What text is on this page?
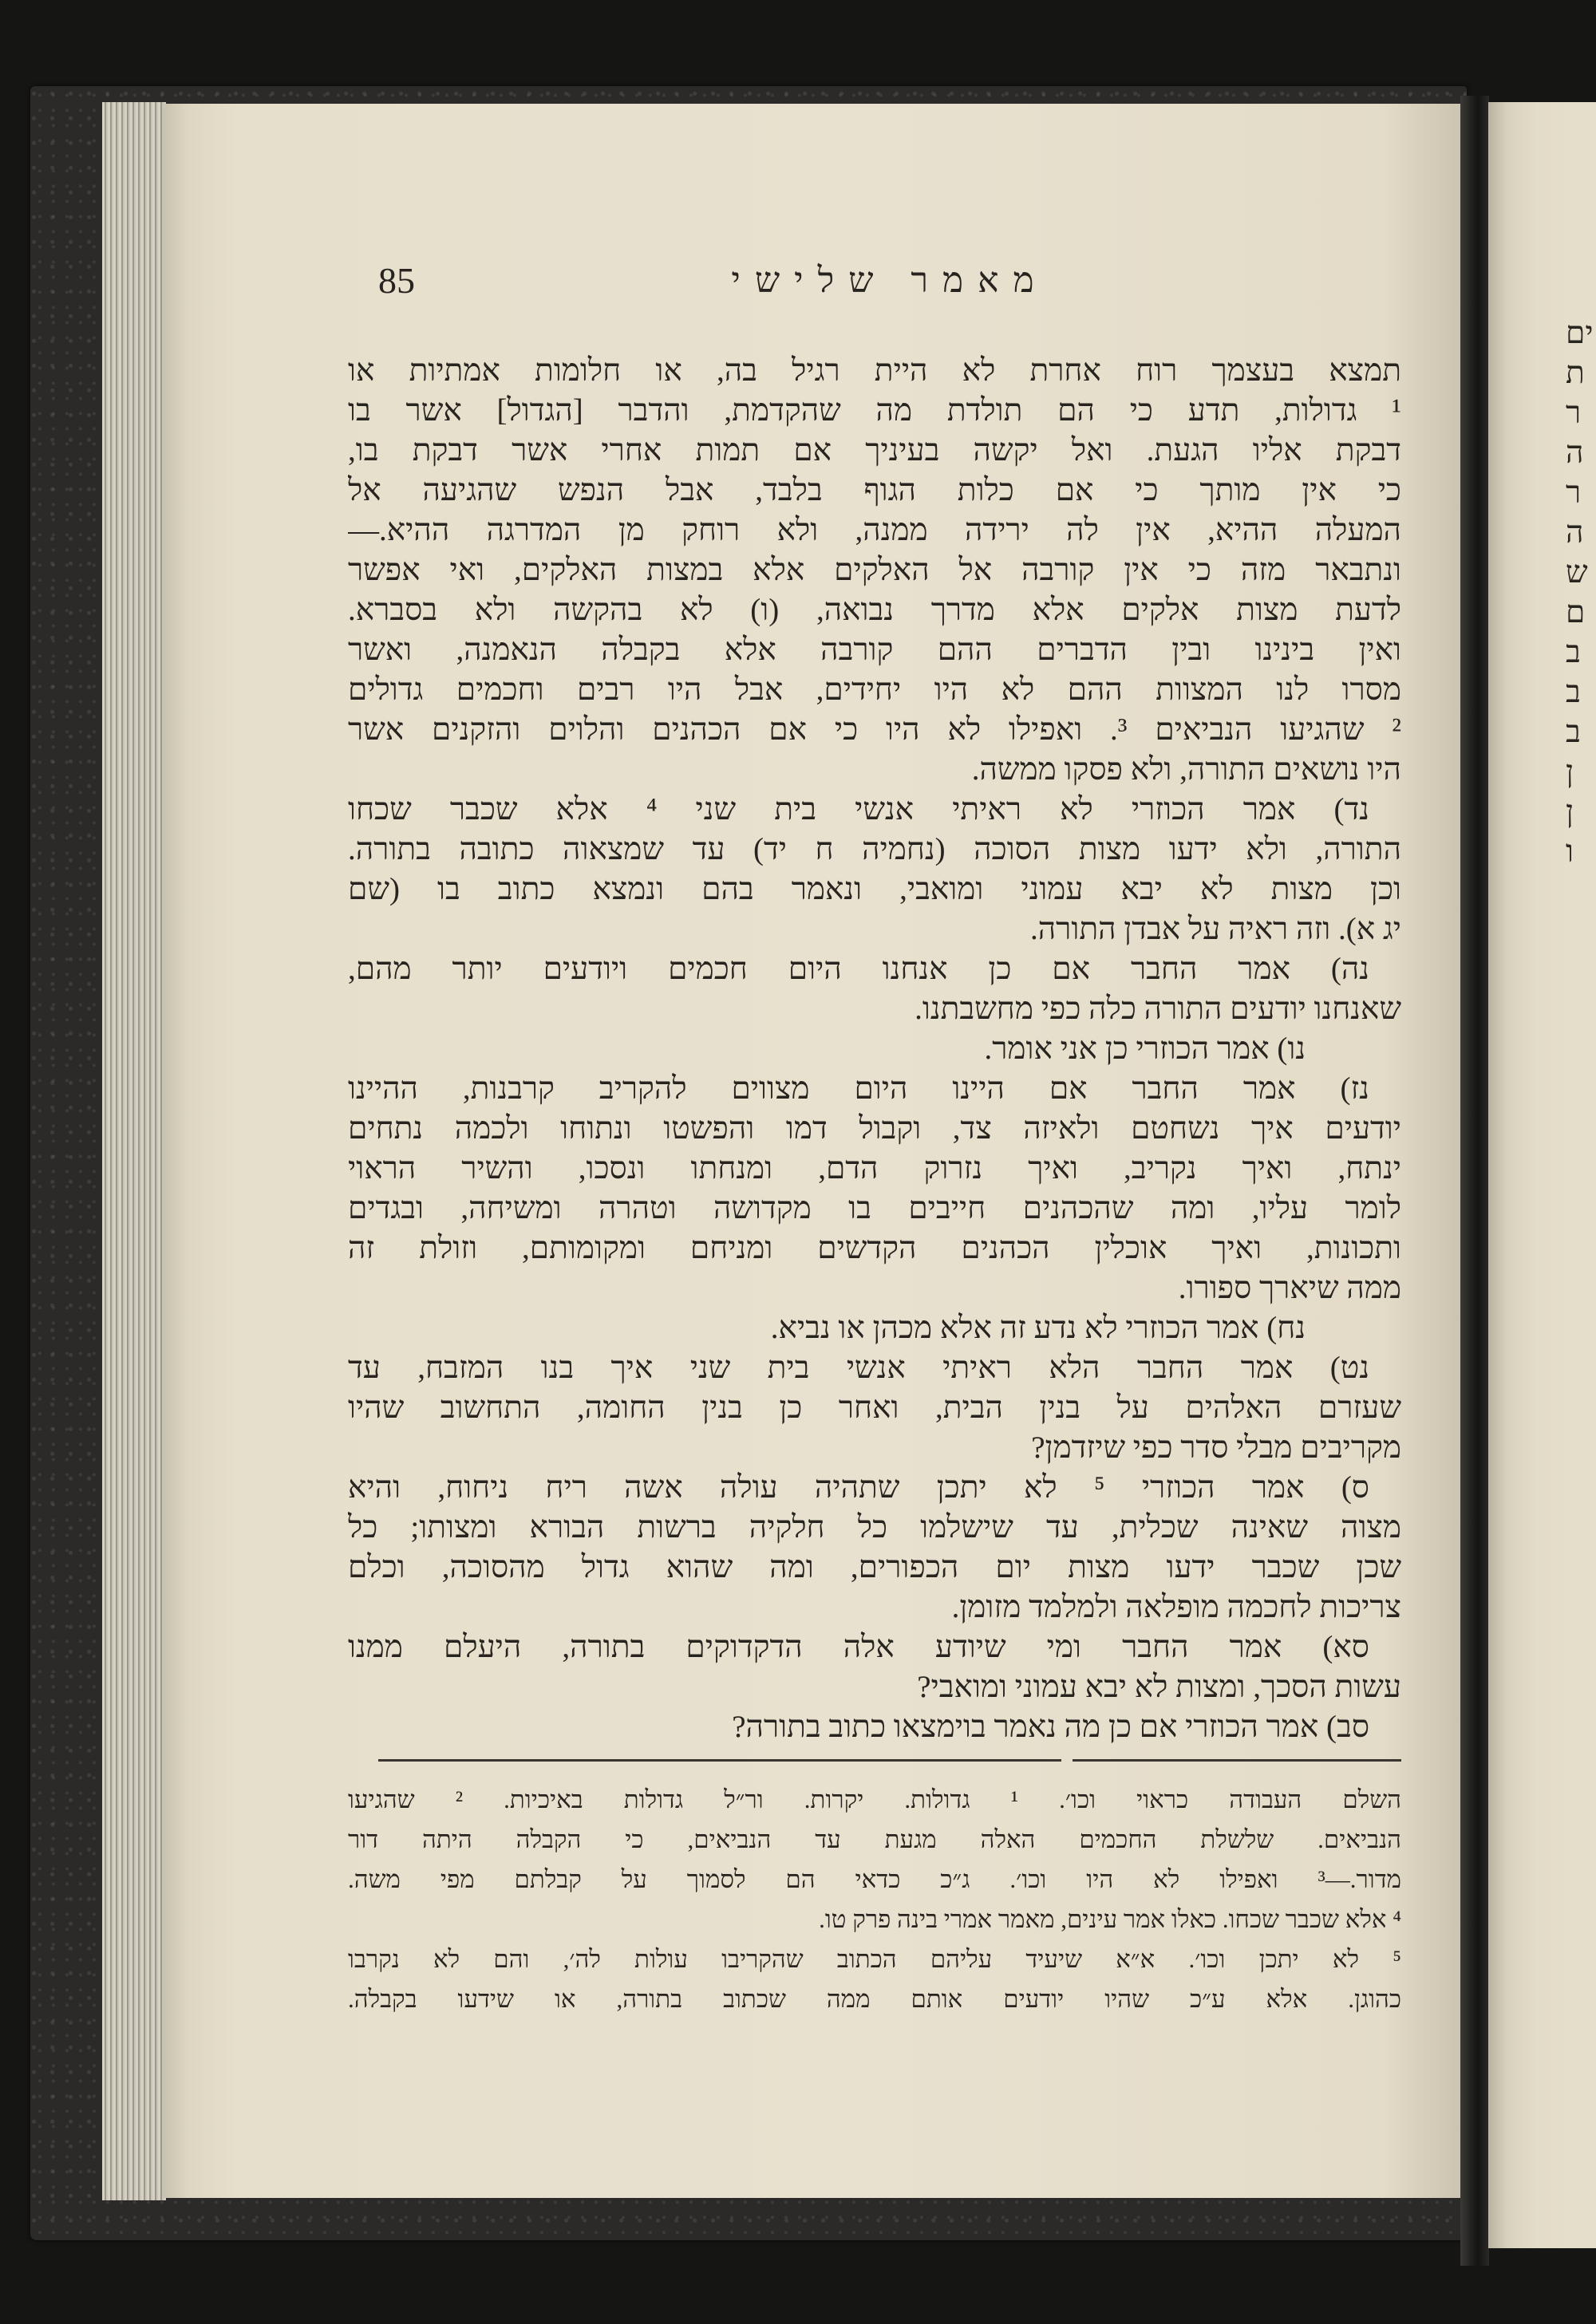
ים
ת
ר
ה
ר
ה
ש
ם
ב
ב
ב
ן
ן
ו
85	מאמר שלישי
תמצא בעצמך רוח אחרת לא היית רגיל בה, או חלומות אמתיות או
¹ גדולות, תדע כי הם תולדת מה שהקדמת, והדבר [הגדול] אשר בו
דבקת אליו הגעת. ואל יקשה בעיניך אם תמות אחרי אשר דבקת בו,
כי אין מותך כי אם כלות הגוף בלבד, אבל הנפש שהגיעה אל
המעלה ההיא, אין לה ירידה ממנה, ולא רוחק מן המדרגה ההיא.—
ונתבאר מזה כי אין קורבה אל האלקים אלא במצות האלקים, ואי אפשר
לדעת מצות אלקים אלא מדרך נבואה, (ו) לא בהקשה ולא בסברא.
ואין בינינו ובין הדברים ההם קורבה אלא בקבלה הנאמנה, ואשר
מסרו לנו המצוות ההם לא היו יחידים, אבל היו רבים וחכמים גדולים
² שהגיעו הנביאים ³. ואפילו לא היו כי אם הכהנים והלוים והזקנים אשר
היו נושאים התורה, ולא פסקו ממשה.
נד) אמר הכוזרי לא ראיתי אנשי בית שני ⁴ אלא שכבר שכחו
התורה, ולא ידעו מצות הסוכה (נחמיה ח יד) עד שמצאוה כתובה בתורה.
וכן מצות לא יבא עמוני ומואבי, ונאמר בהם ונמצא כתוב בו (שם
יג א). וזה ראיה על אבדן התורה.
נה) אמר החבר אם כן אנחנו היום חכמים ויודעים יותר מהם,
שאנחנו יודעים התורה כלה כפי מחשבתנו.
נו) אמר הכוזרי כן אני אומר.
נז) אמר החבר אם היינו היום מצווים להקריב קרבנות, ההיינו
יודעים איך נשחטם ולאיזה צד, וקבול דמו והפשטו ונתוחו ולכמה נתחים
ינתח, ואיך נקריב, ואיך נזרוק הדם, ומנחתו ונסכו, והשיר הראוי
לומר עליו, ומה שהכהנים חייבים בו מקדושה וטהרה ומשיחה, ובגדים
ותכונות, ואיך אוכלין הכהנים הקדשים ומניחם ומקומותם, וזולת זה
ממה שיארך ספורו.
נח) אמר הכוזרי לא נדע זה אלא מכהן או נביא.
נט) אמר החבר הלא ראיתי אנשי בית שני איך בנו המזבח, עד
שעזרם האלהים על בנין הבית, ואחר כן בנין החומה, התחשוב שהיו
מקריבים מבלי סדר כפי שיזדמן?
ס) אמר הכוזרי ⁵ לא יתכן שתהיה עולה אשה ריח ניחוח, והיא
מצוה שאינה שכלית, עד שישלמו כל חלקיה ברשות הבורא ומצותו; כל
שכן שכבר ידעו מצות יום הכפורים, ומה שהוא גדול מהסוכה, וכלם
צריכות לחכמה מופלאה ולמלמד מזומן.
סא) אמר החבר ומי שיודע אלה הדקדוקים בתורה, היעלם ממנו
עשות הסכך, ומצות לא יבא עמוני ומואבי?
סב) אמר הכוזרי אם כן מה נאמר בוימצאו כתוב בתורה?
השלם העבודה כראוי וכו׳. ¹ גדולות. יקרות. ור״ל גדולות באיכיות. ² שהגיעו
הנביאים. שלשלת החכמים האלה מגעת עד הנביאים, כי הקבלה היתה דור
מדור.—³ ואפילו לא היו וכו׳. ג״כ כדאי הם לסמוך על קבלתם מפי משה.
⁴ אלא שכבר שכחו. כאלו אמר עינים, מאמר אמרי בינה פרק טו.
⁵ לא יתכן וכו׳. א״א שיעיד עליהם הכתוב שהקריבו עולות לה׳, והם לא נקרבו
כהוגן. אלא ע״כ שהיו יודעים אותם ממה שכתוב בתורה, או שידעו בקבלה.
